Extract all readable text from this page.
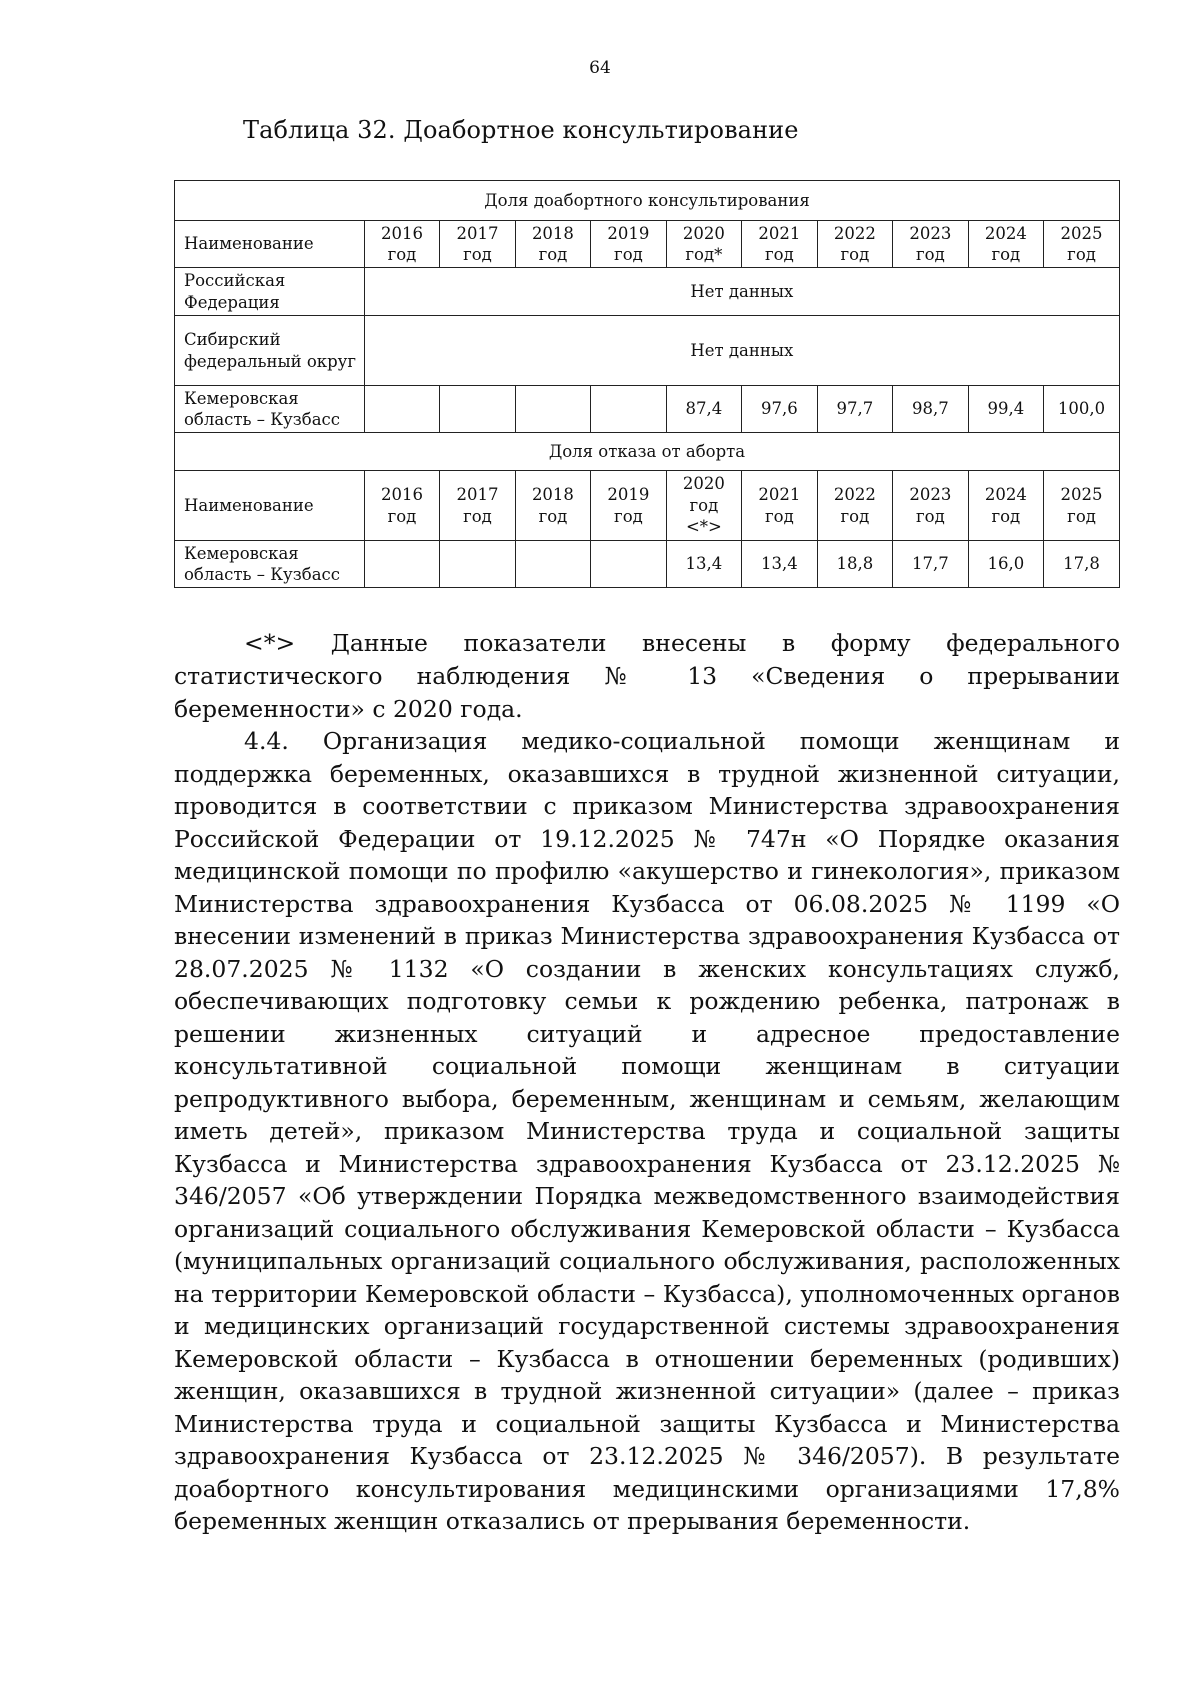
64
Таблица 32. Доабортное консультирование
Доля доабортного консультирования										
Наименование	2016 год	2017 год	2018 год	2019 год	2020 год*	2021 год	2022 год	2023 год	2024 год	2025 год
Российская Федерация	Нет данных									
Сибирский федеральный округ	Нет данных									
Кемеровская область – Кузбасс					87,4	97,6	97,7	98,7	99,4	100,0
Доля отказа от аборта										
Наименование	2016 год	2017 год	2018 год	2019 год	2020 год <*>	2021 год	2022 год	2023 год	2024 год	2025 год
Кемеровская область – Кузбасс					13,4	13,4	18,8	17,7	16,0	17,8
<*> Данные показатели внесены в форму федерального статистического наблюдения № 13 «Сведения о прерывании беременности» с 2020 года.
4.4. Организация медико-социальной помощи женщинам и поддержка беременных, оказавшихся в трудной жизненной ситуации, проводится в соответствии с приказом Министерства здравоохранения Российской Федерации от 19.12.2025 № 747н «О Порядке оказания медицинской помощи по профилю «акушерство и гинекология», приказом Министерства здравоохранения Кузбасса от 06.08.2025 № 1199 «О внесении изменений в приказ Министерства здравоохранения Кузбасса от 28.07.2025 № 1132 «О создании в женских консультациях служб, обеспечивающих подготовку семьи к рождению ребенка, патронаж в решении жизненных ситуаций и адресное предоставление консультативной социальной помощи женщинам в ситуации репродуктивного выбора, беременным, женщинам и семьям, желающим иметь детей», приказом Министерства труда и социальной защиты Кузбасса и Министерства здравоохранения Кузбасса от 23.12.2025 № 346/2057 «Об утверждении Порядка межведомственного взаимодействия организаций социального обслуживания Кемеровской области – Кузбасса (муниципальных организаций социального обслуживания, расположенных на территории Кемеровской области – Кузбасса), уполномоченных органов и медицинских организаций государственной системы здравоохранения Кемеровской области – Кузбасса в отношении беременных (родивших) женщин, оказавшихся в трудной жизненной ситуации» (далее – приказ Министерства труда и социальной защиты Кузбасса и Министерства здравоохранения Кузбасса от 23.12.2025 № 346/2057). В результате доабортного консультирования медицинскими организациями 17,8% беременных женщин отказались от прерывания беременности.
